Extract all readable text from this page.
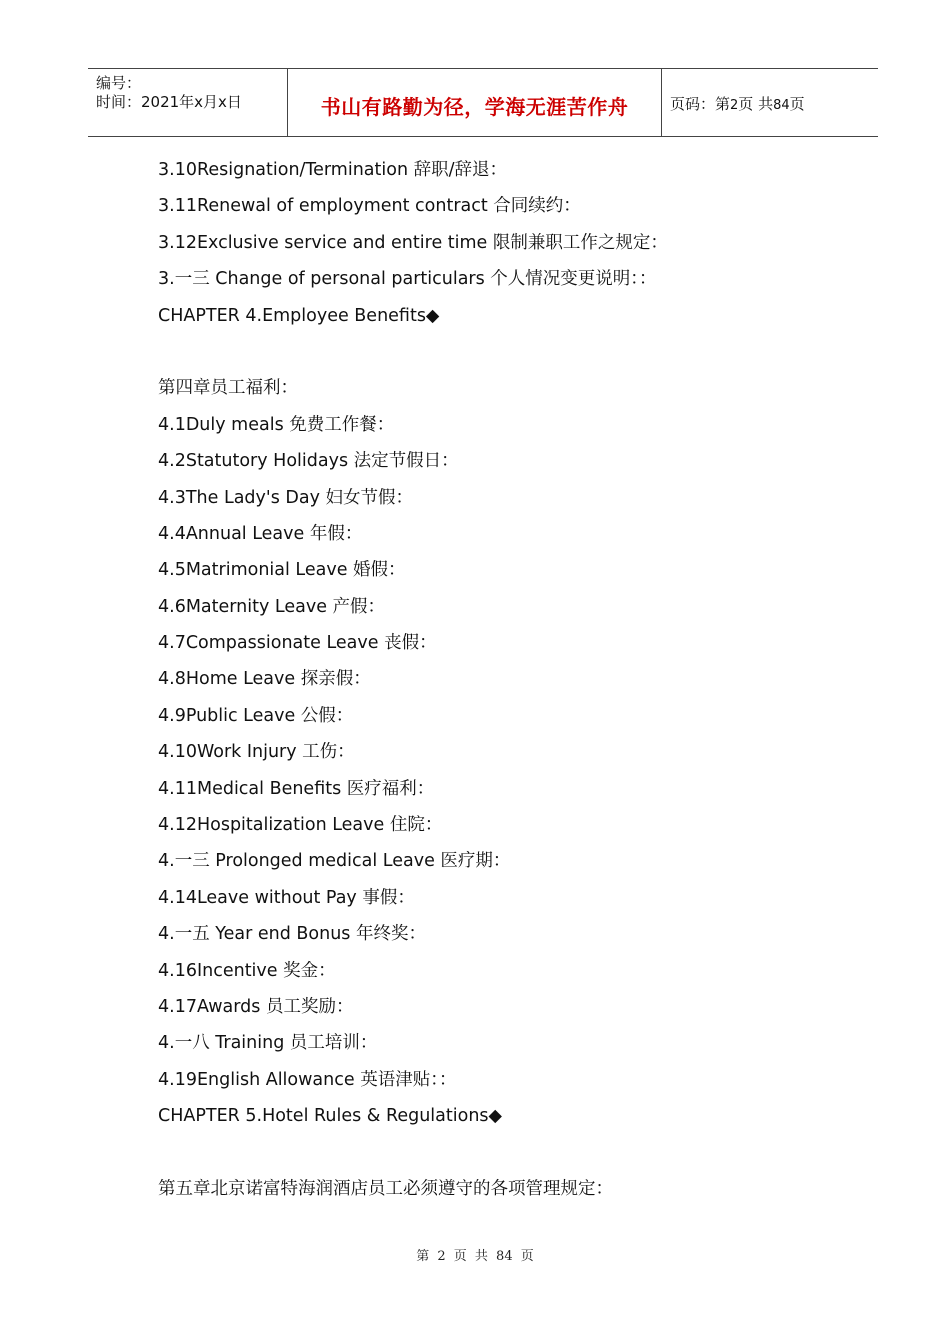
编号：
时间：2021年x月x日	书山有路勤为径，学海无涯苦作舟	页码：第2页 共84页
3.10Resignation/Termination 辞职/辞退：
3.11Renewal of employment contract 合同续约：
3.12Exclusive service and entire time 限制兼职工作之规定：
3.一三 Change of personal particulars 个人情况变更说明：：
CHAPTER 4.Employee Benefits◆
第四章员工福利：
4.1Duly meals 免费工作餐：
4.2Statutory Holidays 法定节假日：
4.3The Lady's Day 妇女节假：
4.4Annual Leave 年假：
4.5Matrimonial Leave 婚假：
4.6Maternity Leave 产假：
4.7Compassionate Leave 丧假：
4.8Home Leave 探亲假：
4.9Public Leave 公假：
4.10Work Injury 工伤：
4.11Medical Benefits 医疗福利：
4.12Hospitalization Leave 住院：
4.一三 Prolonged medical Leave 医疗期：
4.14Leave without Pay 事假：
4.一五 Year end Bonus 年终奖：
4.16Incentive 奖金：
4.17Awards 员工奖励：
4.一八 Training 员工培训：
4.19English Allowance 英语津贴：：
CHAPTER 5.Hotel Rules & Regulations◆
第五章北京诺富特海润酒店员工必须遵守的各项管理规定：
第 2 页 共 84 页
